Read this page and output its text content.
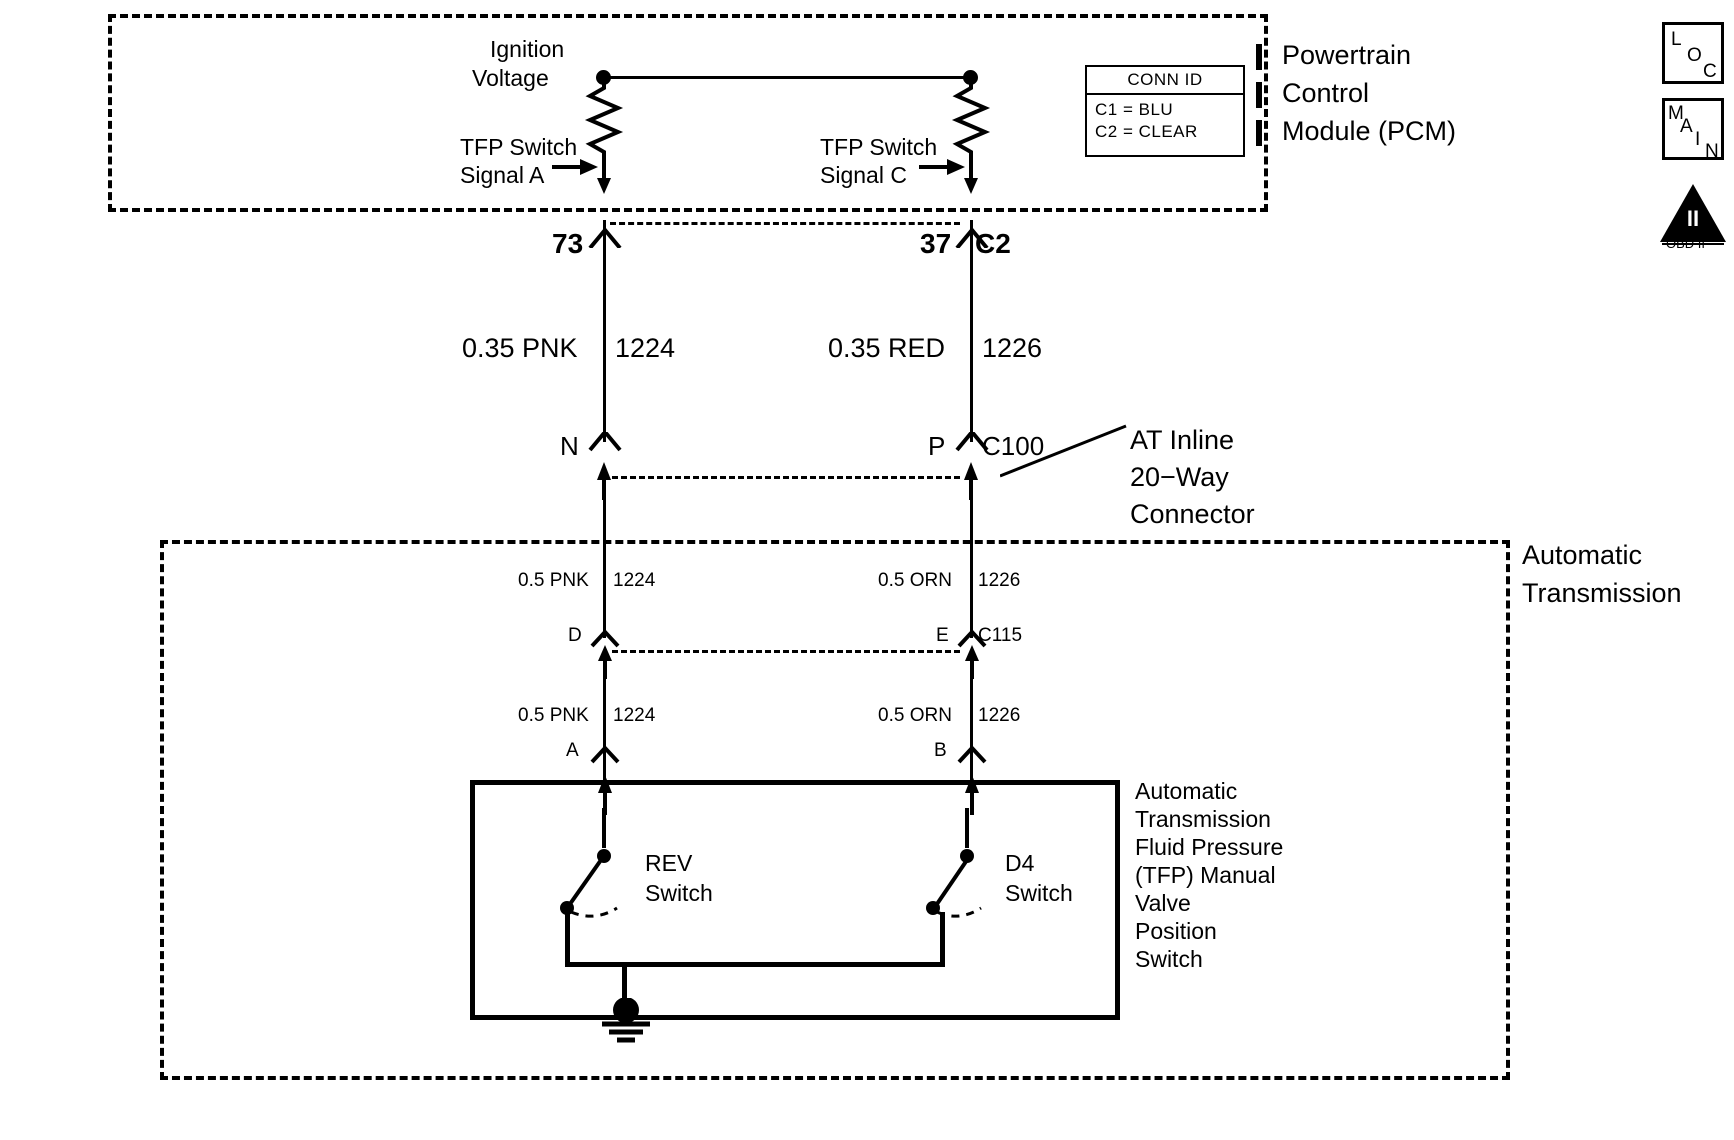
Powertrain
Control
Module (PCM)
CONN ID
C1 = BLU
C2 = CLEAR
Ignition
Voltage
TFP Switch
Signal A
TFP Switch
Signal C
73	37 C2
0.35 PNK 1224	0.35 RED 1226
N	P C100	AT Inline
20−Way
Connector
Automatic
Transmission
0.5 PNK 1224	0.5 ORN 1226
D	E C115
0.5 PNK 1224	0.5 ORN 1226
A	B
REV
Switch
D4
Switch
Automatic
Transmission
Fluid Pressure
(TFP) Manual
Valve
Position
Switch
L
O
C
M
A
I
N
II
OBD II
